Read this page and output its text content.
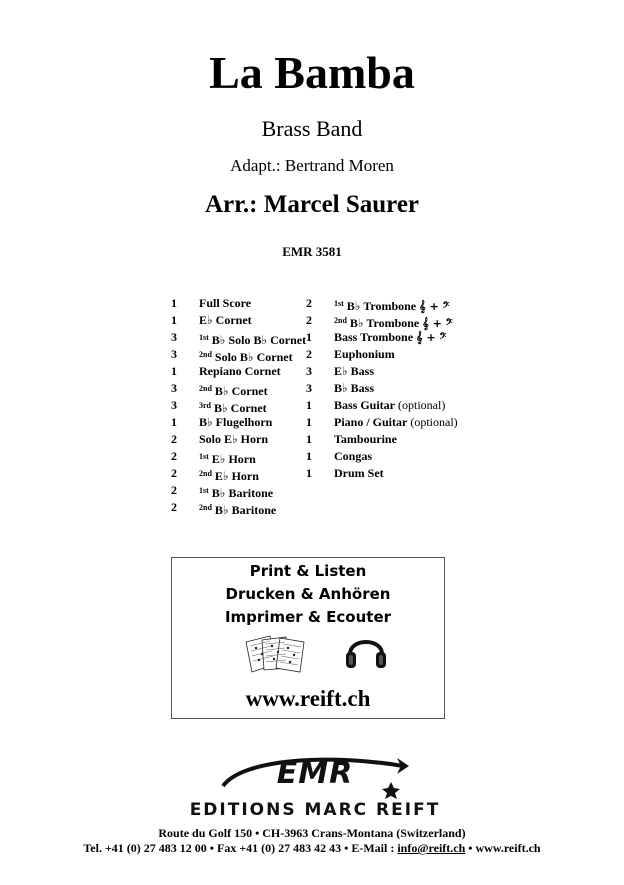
La Bamba
Brass Band
Adapt.: Bertrand Moren
Arr.: Marcel Saurer
EMR 3581
1	Full Score
1	E♭ Cornet
3	$^{1st}$ B♭ Solo B♭ Cornet
3	$^{2nd}$ Solo B♭ Cornet
1	Repiano Cornet
3	$^{2nd}$ B♭ Cornet
3	$^{3rd}$ B♭ Cornet
1	B♭ Flugelhorn
2	Solo E♭ Horn
2	$^{1st}$ E♭ Horn
2	$^{2nd}$ E♭ Horn
2	$^{1st}$ B♭ Baritone
2	$^{2nd}$ B♭ Baritone
2	$^{1st}$ B♭ Trombone 𝄞 + 𝄢
2	$^{2nd}$ B♭ Trombone 𝄞 + 𝄢
1	Bass Trombone 𝄞 + 𝄢
2	Euphonium
3	E♭ Bass
3	B♭ Bass
1	Bass Guitar (optional)
1	Piano / Guitar (optional)
1	Tambourine
1	Congas
1	Drum Set
Print & Listen
Drucken & Anhören
Imprimer & Ecouter
www.reift.ch
EMR
EDITIONS MARC REIFT
Route du Golf 150 • CH-3963 Crans-Montana (Switzerland)
Tel. +41 (0) 27 483 12 00 • Fax +41 (0) 27 483 42 43 • E-Mail : info@reift.ch • www.reift.ch
